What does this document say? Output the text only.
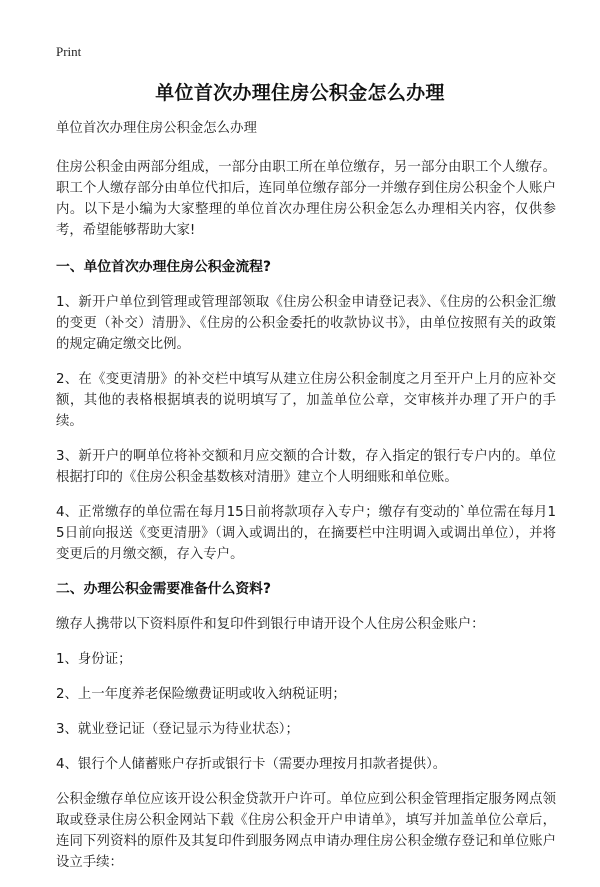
Print
单位首次办理住房公积金怎么办理

单位首次办理住房公积金怎么办理

住房公积金由两部分组成，一部分由职工所在单位缴存，另一部分由职工个人缴存。职工个人缴存部分由单位代扣后，连同单位缴存部分一并缴存到住房公积金个人账户内。以下是小编为大家整理的单位首次办理住房公积金怎么办理相关内容，仅供参考，希望能够帮助大家!

一、单位首次办理住房公积金流程?

1、新开户单位到管理或管理部领取《住房公积金申请登记表》、《住房的公积金汇缴的变更（补交）清册》、《住房的公积金委托的收款协议书》，由单位按照有关的政策的规定确定缴交比例。

2、在《变更清册》的补交栏中填写从建立住房公积金制度之月至开户上月的应补交额，其他的表格根据填表的说明填写了，加盖单位公章，交审核并办理了开户的手续。

3、新开户的啊单位将补交额和月应交额的合计数，存入指定的银行专户内的。单位根据打印的《住房公积金基数核对清册》建立个人明细账和单位账。

4、正常缴存的单位需在每月15日前将款项存入专户；缴存有变动的`单位需在每月15日前向报送《变更清册》（调入或调出的，在摘要栏中注明调入或调出单位），并将变更后的月缴交额，存入专户。

二、办理公积金需要准备什么资料?

缴存人携带以下资料原件和复印件到银行申请开设个人住房公积金账户：

1、身份证；

2、上一年度养老保险缴费证明或收入纳税证明；

3、就业登记证（登记显示为待业状态）；

4、银行个人储蓄账户存折或银行卡（需要办理按月扣款者提供）。

公积金缴存单位应该开设公积金贷款开户许可。单位应到公积金管理指定服务网点领取或登录住房公积金网站下载《住房公积金开户申请单》，填写并加盖单位公章后，连同下列资料的原件及其复印件到服务网点申请办理住房公积金缴存登记和单位账户设立手续：
